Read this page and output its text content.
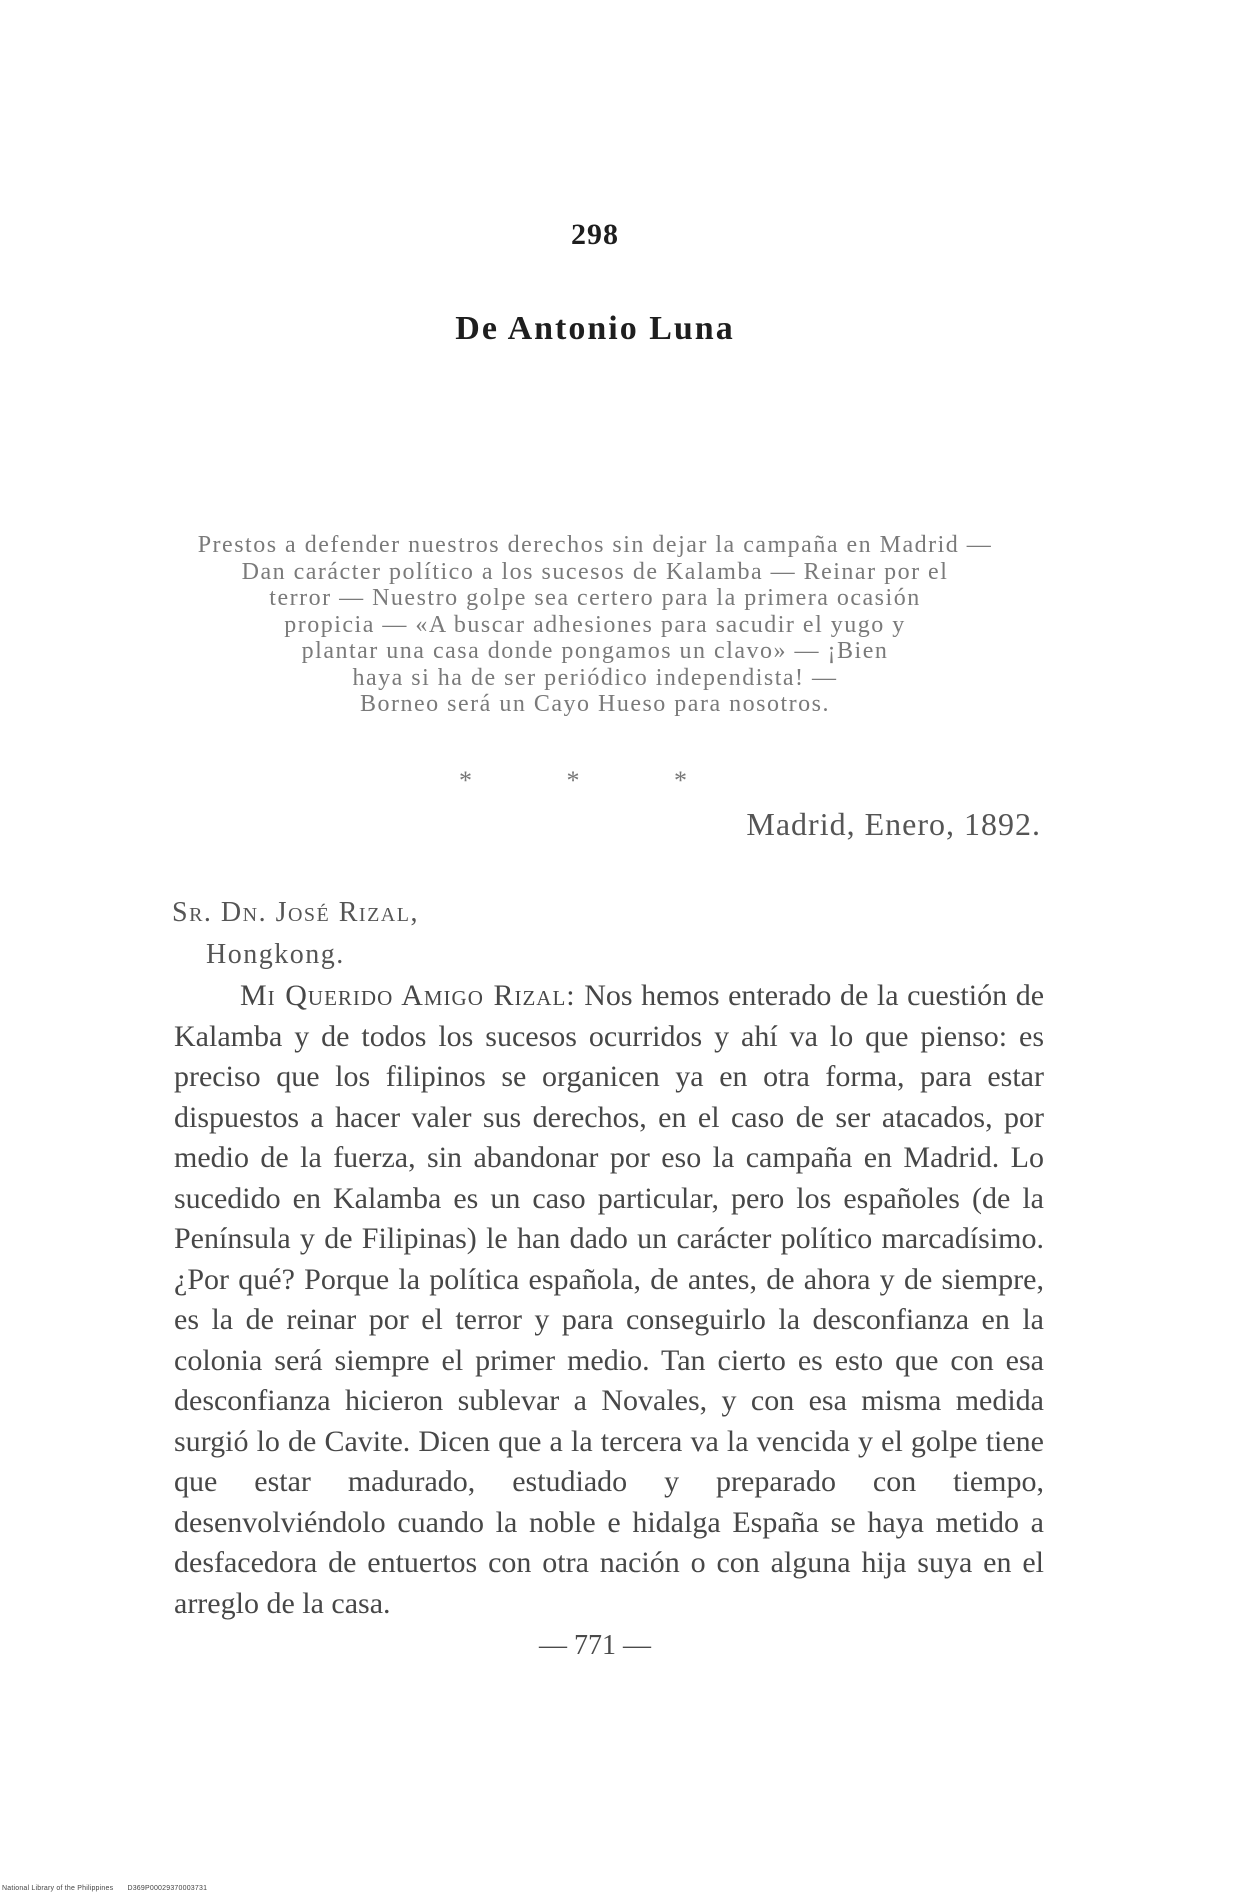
298
De Antonio Luna
Prestos a defender nuestros derechos sin dejar la campaña en Madrid —
Dan carácter político a los sucesos de Kalamba — Reinar por el
terror — Nuestro golpe sea certero para la primera ocasión
propicia — «A buscar adhesiones para sacudir el yugo y
plantar una casa donde pongamos un clavo» — ¡Bien
haya si ha de ser periódico independista! —
Borneo será un Cayo Hueso para nosotros.
* * *
Madrid, Enero, 1892.
Sr. Dn. José Rizal,
Hongkong.
Mi Querido Amigo Rizal: Nos hemos enterado de la cuestión de Kalamba y de todos los sucesos ocurridos y ahí va lo que pienso: es preciso que los filipinos se organicen ya en otra forma, para estar dispuestos a hacer valer sus derechos, en el caso de ser atacados, por medio de la fuerza, sin abandonar por eso la campaña en Madrid. Lo sucedido en Kalamba es un caso particular, pero los españoles (de la Península y de Filipinas) le han dado un carácter político marcadísimo. ¿Por qué? Porque la política española, de antes, de ahora y de siempre, es la de reinar por el terror y para conseguirlo la desconfianza en la colonia será siempre el primer medio. Tan cierto es esto que con esa desconfianza hicieron sublevar a Novales, y con esa misma medida surgió lo de Cavite. Dicen que a la tercera va la vencida y el golpe tiene que estar madurado, estudiado y preparado con tiempo, desenvolviéndolo cuando la noble e hidalga España se haya metido a desfacedora de entuertos con otra nación o con alguna hija suya en el arreglo de la casa.
— 771 —
National Library of the Philippines D369P00029370003731
